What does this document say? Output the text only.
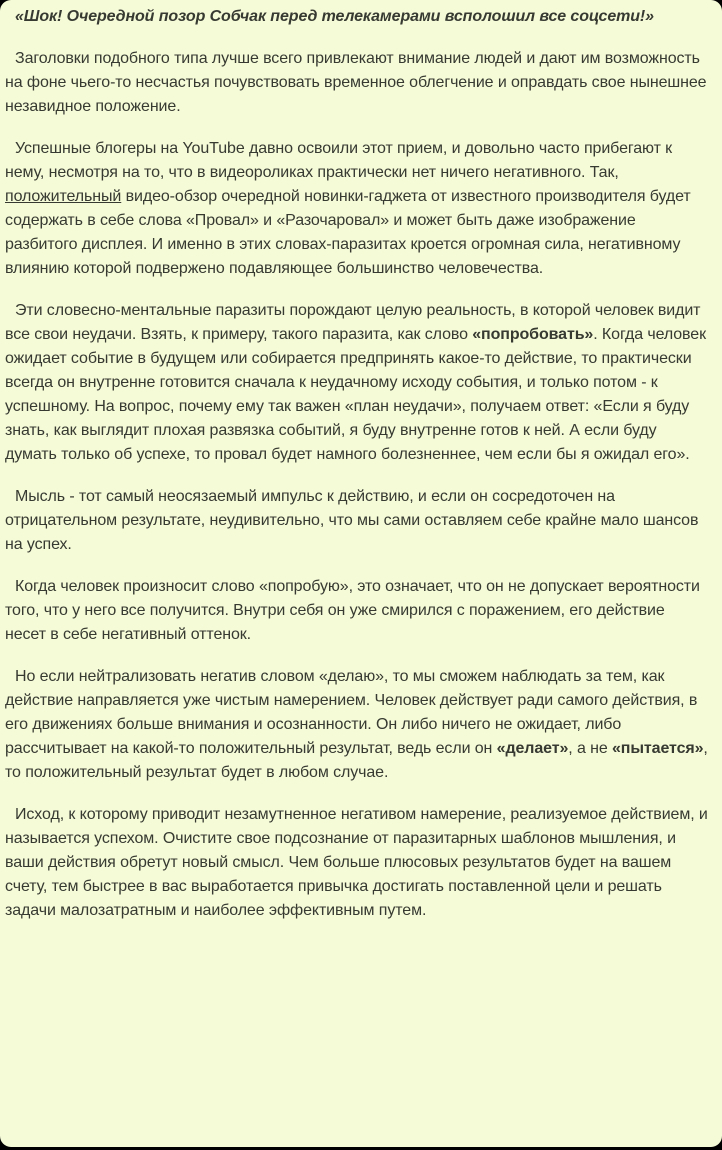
«Шок! Очередной позор Собчак перед телекамерами всполошил все соцсети!»

Заголовки подобного типа лучше всего привлекают внимание людей и дают им возможность на фоне чьего-то несчастья почувствовать временное облегчение и оправдать свое нынешнее незавидное положение.

Успешные блогеры на YouTube давно освоили этот прием, и довольно часто прибегают к нему, несмотря на то, что в видеороликах практически нет ничего негативного. Так, положительный видео-обзор очередной новинки-гаджета от известного производителя будет содержать в себе слова «Провал» и «Разочаровал» и может быть даже изображение разбитого дисплея. И именно в этих словах-паразитах кроется огромная сила, негативному влиянию которой подвержено подавляющее большинство человечества.

Эти словесно-ментальные паразиты порождают целую реальность, в которой человек видит все свои неудачи. Взять, к примеру, такого паразита, как слово «попробовать». Когда человек ожидает событие в будущем или собирается предпринять какое-то действие, то практически всегда он внутренне готовится сначала к неудачному исходу события, и только потом - к успешному. На вопрос, почему ему так важен «план неудачи», получаем ответ: «Если я буду знать, как выглядит плохая развязка событий, я буду внутренне готов к ней. А если буду думать только об успехе, то провал будет намного болезненнее, чем если бы я ожидал его».

Мысль - тот самый неосязаемый импульс к действию, и если он сосредоточен на отрицательном результате, неудивительно, что мы сами оставляем себе крайне мало шансов на успех.

Когда человек произносит слово «попробую», это означает, что он не допускает вероятности того, что у него все получится. Внутри себя он уже смирился с поражением, его действие несет в себе негативный оттенок.

Но если нейтрализовать негатив словом «делаю», то мы сможем наблюдать за тем, как действие направляется уже чистым намерением. Человек действует ради самого действия, в его движениях больше внимания и осознанности. Он либо ничего не ожидает, либо рассчитывает на какой-то положительный результат, ведь если он «делает», а не «пытается», то положительный результат будет в любом случае.

Исход, к которому приводит незамутненное негативом намерение, реализуемое действием, и называется успехом. Очистите свое подсознание от паразитарных шаблонов мышления, и ваши действия обретут новый смысл. Чем больше плюсовых результатов будет на вашем счету, тем быстрее в вас выработается привычка достигать поставленной цели и решать задачи малозатратным и наиболее эффективным путем.
